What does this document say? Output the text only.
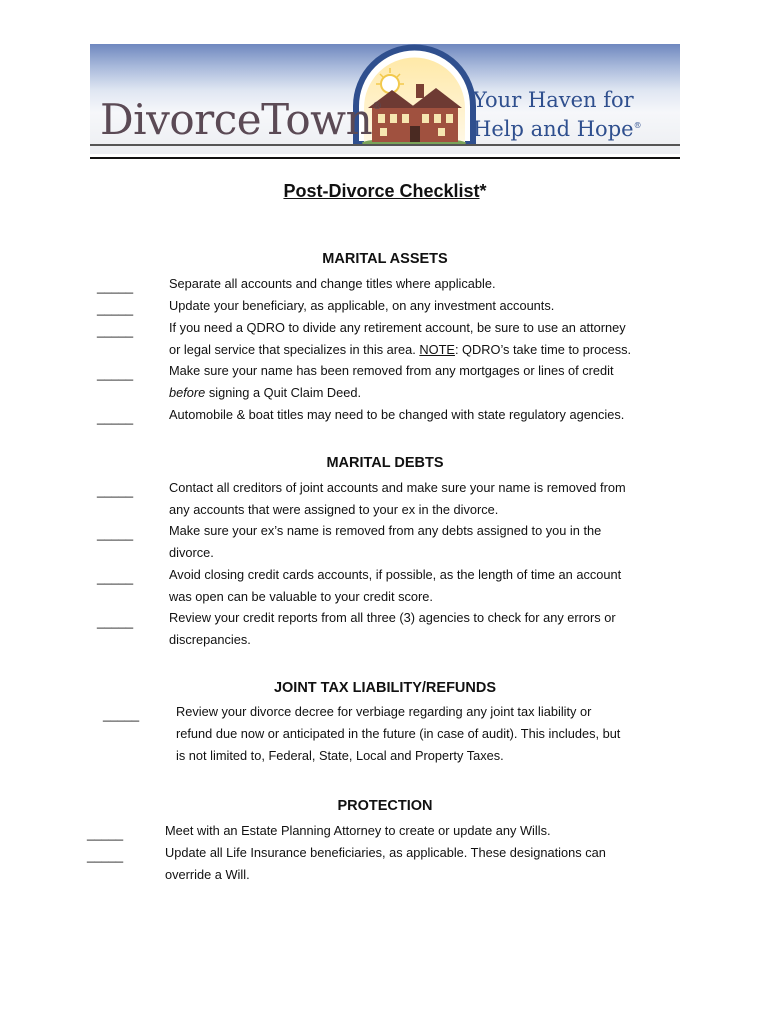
DivorceTown®	Your Haven for
Help and Hope®
Post-Divorce Checklist*
MARITAL ASSETS
_____
_____
_____
_____
_____
Separate all accounts and change titles where applicable.
Update your beneficiary, as applicable, on any investment accounts.
If you need a QDRO to divide any retirement account, be sure to use an attorney
or legal service that specializes in this area. NOTE: QDRO’s take time to process.
Make sure your name has been removed from any mortgages or lines of credit
before signing a Quit Claim Deed.
Automobile & boat titles may need to be changed with state regulatory agencies.
MARITAL DEBTS
_____
_____
_____
_____
Contact all creditors of joint accounts and make sure your name is removed from
any accounts that were assigned to your ex in the divorce.
Make sure your ex’s name is removed from any debts assigned to you in the
divorce.
Avoid closing credit cards accounts, if possible, as the length of time an account
was open can be valuable to your credit score.
Review your credit reports from all three (3) agencies to check for any errors or
discrepancies.
JOINT TAX LIABILITY/REFUNDS
_____	Review your divorce decree for verbiage regarding any joint tax liability or
refund due now or anticipated in the future (in case of audit). This includes, but
is not limited to, Federal, State, Local and Property Taxes.
PROTECTION
_____
_____
Meet with an Estate Planning Attorney to create or update any Wills.
Update all Life Insurance beneficiaries, as applicable. These designations can
override a Will.
